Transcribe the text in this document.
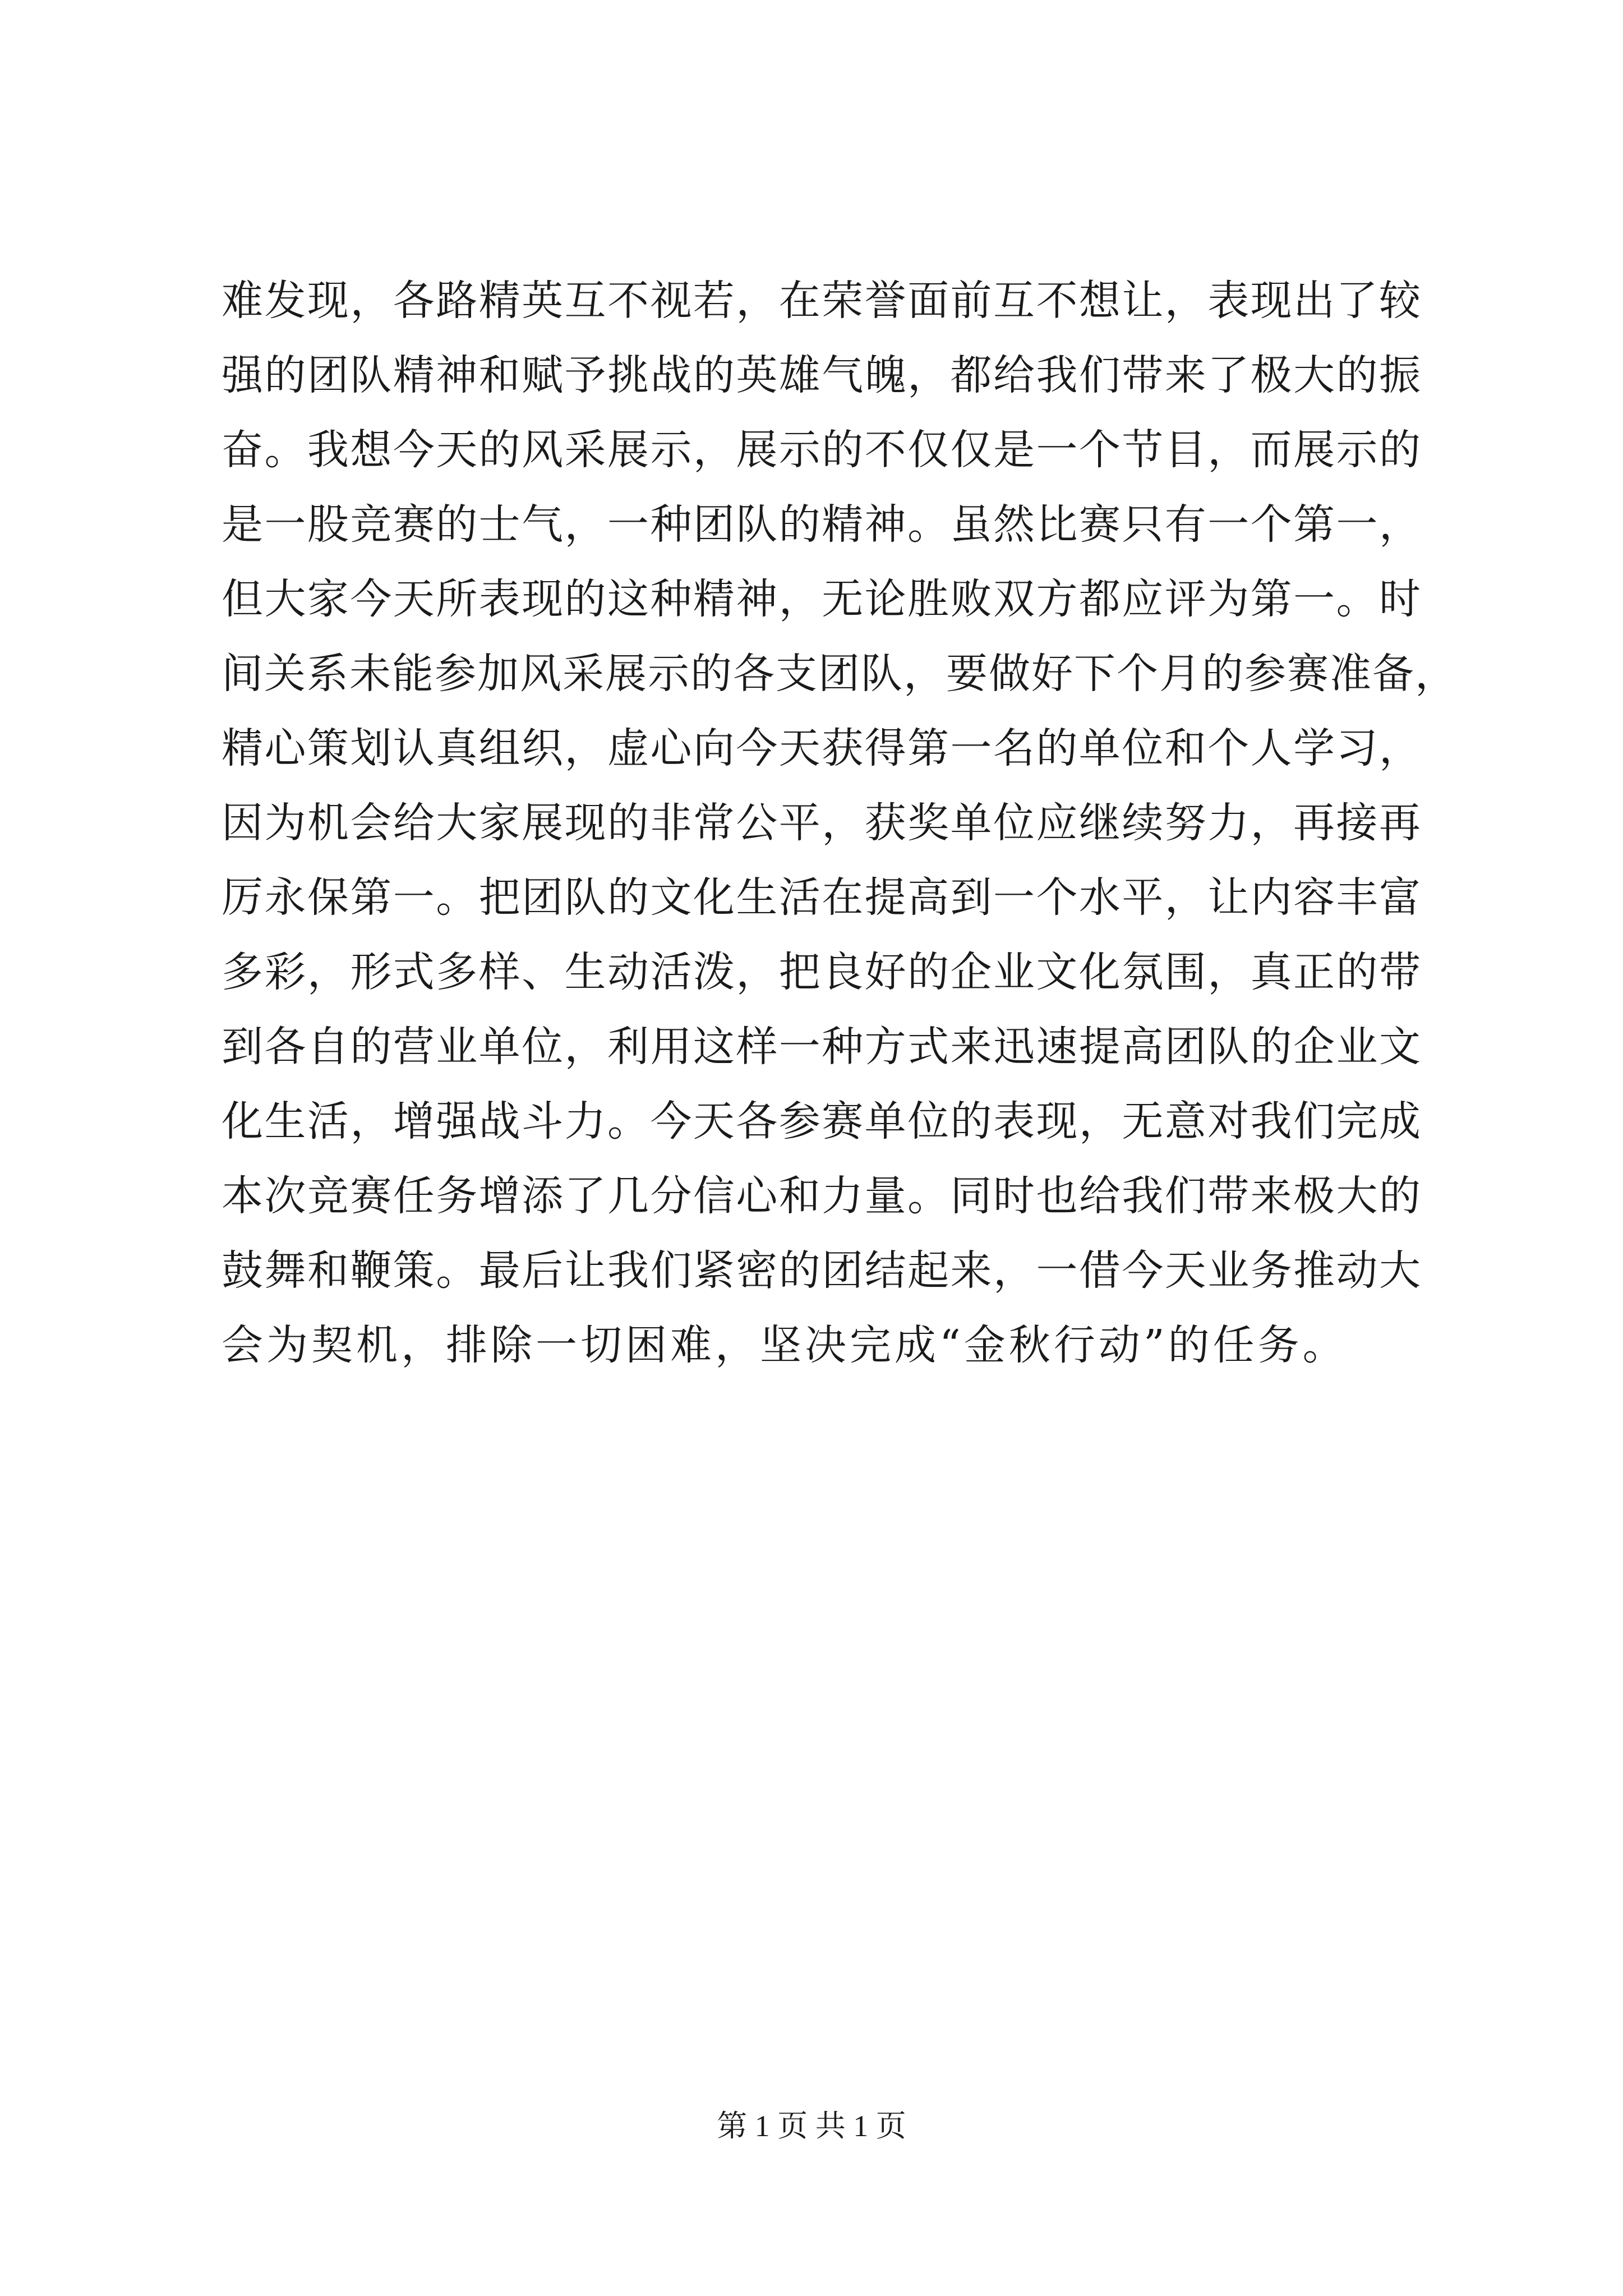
难发现，各路精英互不视若，在荣誉面前互不想让，表现出了较
强的团队精神和赋予挑战的英雄气魄，都给我们带来了极大的振
奋。我想今天的风采展示，展示的不仅仅是一个节目，而展示的
是一股竞赛的士气，一种团队的精神。虽然比赛只有一个第一，
但大家今天所表现的这种精神，无论胜败双方都应评为第一。时
间关系未能参加风采展示的各支团队，要做好下个月的参赛准备，
精心策划认真组织，虚心向今天获得第一名的单位和个人学习，
因为机会给大家展现的非常公平，获奖单位应继续努力，再接再
厉永保第一。把团队的文化生活在提高到一个水平，让内容丰富
多彩，形式多样、生动活泼，把良好的企业文化氛围，真正的带
到各自的营业单位，利用这样一种方式来迅速提高团队的企业文
化生活，增强战斗力。今天各参赛单位的表现，无意对我们完成
本次竞赛任务增添了几分信心和力量。同时也给我们带来极大的
鼓舞和鞭策。最后让我们紧密的团结起来，一借今天业务推动大
会为契机，排除一切困难，坚决完成“金秋行动”的任务。
第 1 页 共 1 页
